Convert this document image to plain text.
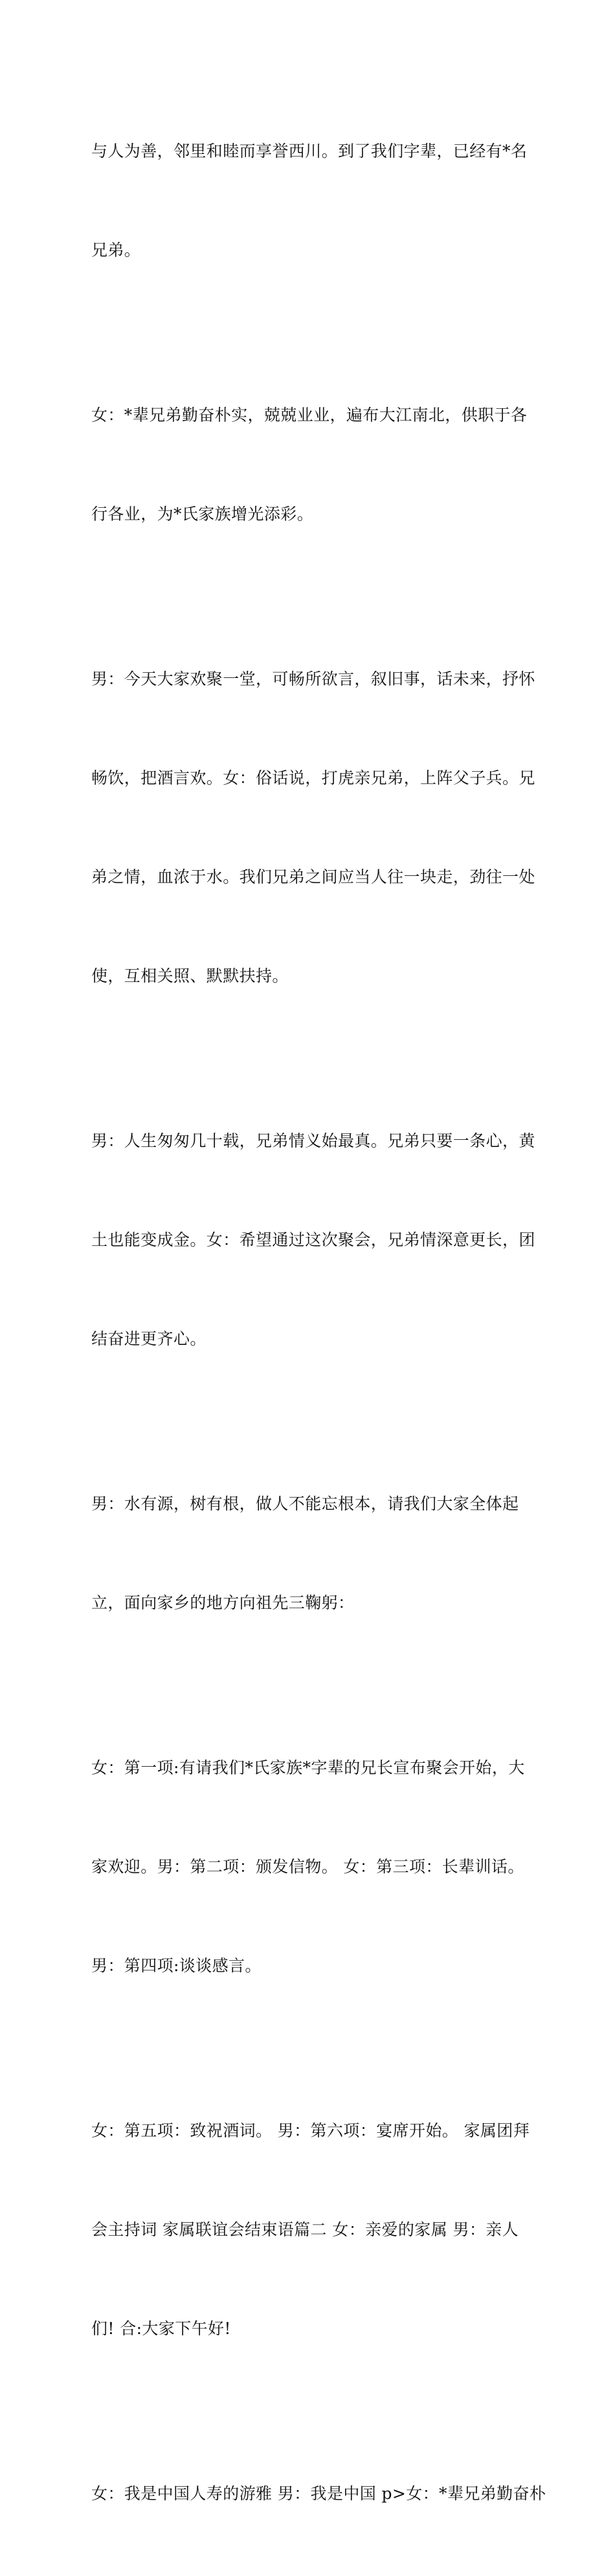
与人为善，邻里和睦而享誉西川。到了我们字辈，已经有*名

兄弟。

女：*辈兄弟勤奋朴实，兢兢业业，遍布大江南北，供职于各

行各业，为*氏家族增光添彩。

男：今天大家欢聚一堂，可畅所欲言，叙旧事，话未来，抒怀

畅饮，把酒言欢。女：俗话说，打虎亲兄弟，上阵父子兵。兄

弟之情，血浓于水。我们兄弟之间应当人往一块走，劲往一处

使，互相关照、默默扶持。

男：人生匆匆几十载，兄弟情义始最真。兄弟只要一条心，黄

土也能变成金。女：希望通过这次聚会，兄弟情深意更长，团

结奋进更齐心。

男：水有源，树有根，做人不能忘根本，请我们大家全体起

立，面向家乡的地方向祖先三鞠躬：

女：第一项:有请我们*氏家族*字辈的兄长宣布聚会开始，大

家欢迎。男：第二项：颁发信物。 女：第三项：长辈训话。

男：第四项:谈谈感言。

女：第五项：致祝酒词。 男：第六项：宴席开始。 家属团拜

会主持词 家属联谊会结束语篇二 女：亲爱的家属 男：亲人

们! 合:大家下午好!

女：我是中国人寿的游雅 男：我是中国 p>女：*辈兄弟勤奋朴
